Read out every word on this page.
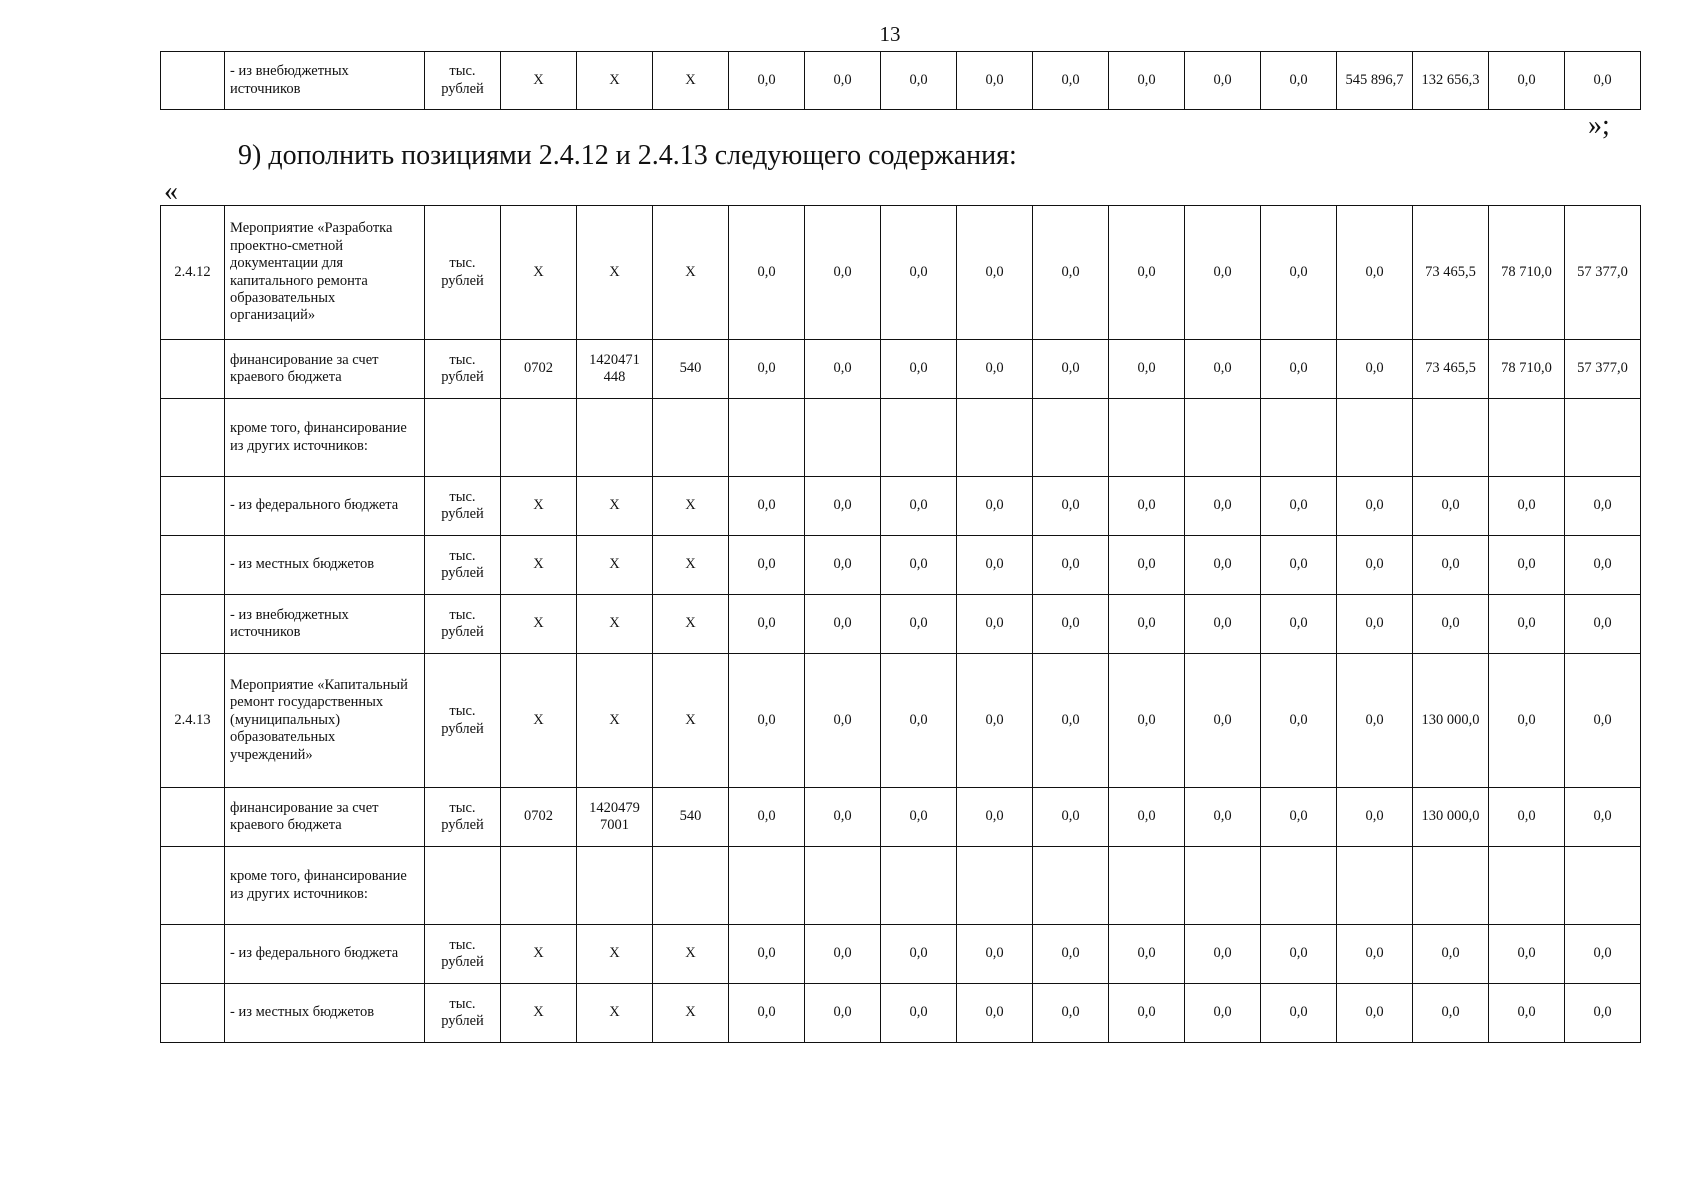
13
	- из внебюджетных источников	тыс. рублей	Х	Х	Х	0,0	0,0	0,0	0,0	0,0	0,0	0,0	0,0	545 896,7	132 656,3	0,0	0,0
»;
9) дополнить позициями 2.4.12 и 2.4.13 следующего содержания:
«
2.4.12	Мероприятие «Разработка проектно-сметной документации для капитального ремонта образовательных организаций»	тыс. рублей	Х	Х	Х	0,0	0,0	0,0	0,0	0,0	0,0	0,0	0,0	0,0	73 465,5	78 710,0	57 377,0
	финансирование за счет краевого бюджета	тыс. рублей	0702	1420471 448	540	0,0	0,0	0,0	0,0	0,0	0,0	0,0	0,0	0,0	73 465,5	78 710,0	57 377,0
	кроме того, финансирование из других источников:																
	- из федерального бюджета	тыс. рублей	Х	Х	Х	0,0	0,0	0,0	0,0	0,0	0,0	0,0	0,0	0,0	0,0	0,0	0,0
	- из местных бюджетов	тыс. рублей	Х	Х	Х	0,0	0,0	0,0	0,0	0,0	0,0	0,0	0,0	0,0	0,0	0,0	0,0
	- из внебюджетных источников	тыс. рублей	Х	Х	Х	0,0	0,0	0,0	0,0	0,0	0,0	0,0	0,0	0,0	0,0	0,0	0,0
2.4.13	Мероприятие «Капитальный ремонт государственных (муниципальных) образовательных учреждений»	тыс. рублей	Х	Х	Х	0,0	0,0	0,0	0,0	0,0	0,0	0,0	0,0	0,0	130 000,0	0,0	0,0
	финансирование за счет краевого бюджета	тыс. рублей	0702	1420479 7001	540	0,0	0,0	0,0	0,0	0,0	0,0	0,0	0,0	0,0	130 000,0	0,0	0,0
	кроме того, финансирование из других источников:																
	- из федерального бюджета	тыс. рублей	Х	Х	Х	0,0	0,0	0,0	0,0	0,0	0,0	0,0	0,0	0,0	0,0	0,0	0,0
	- из местных бюджетов	тыс. рублей	Х	Х	Х	0,0	0,0	0,0	0,0	0,0	0,0	0,0	0,0	0,0	0,0	0,0	0,0
